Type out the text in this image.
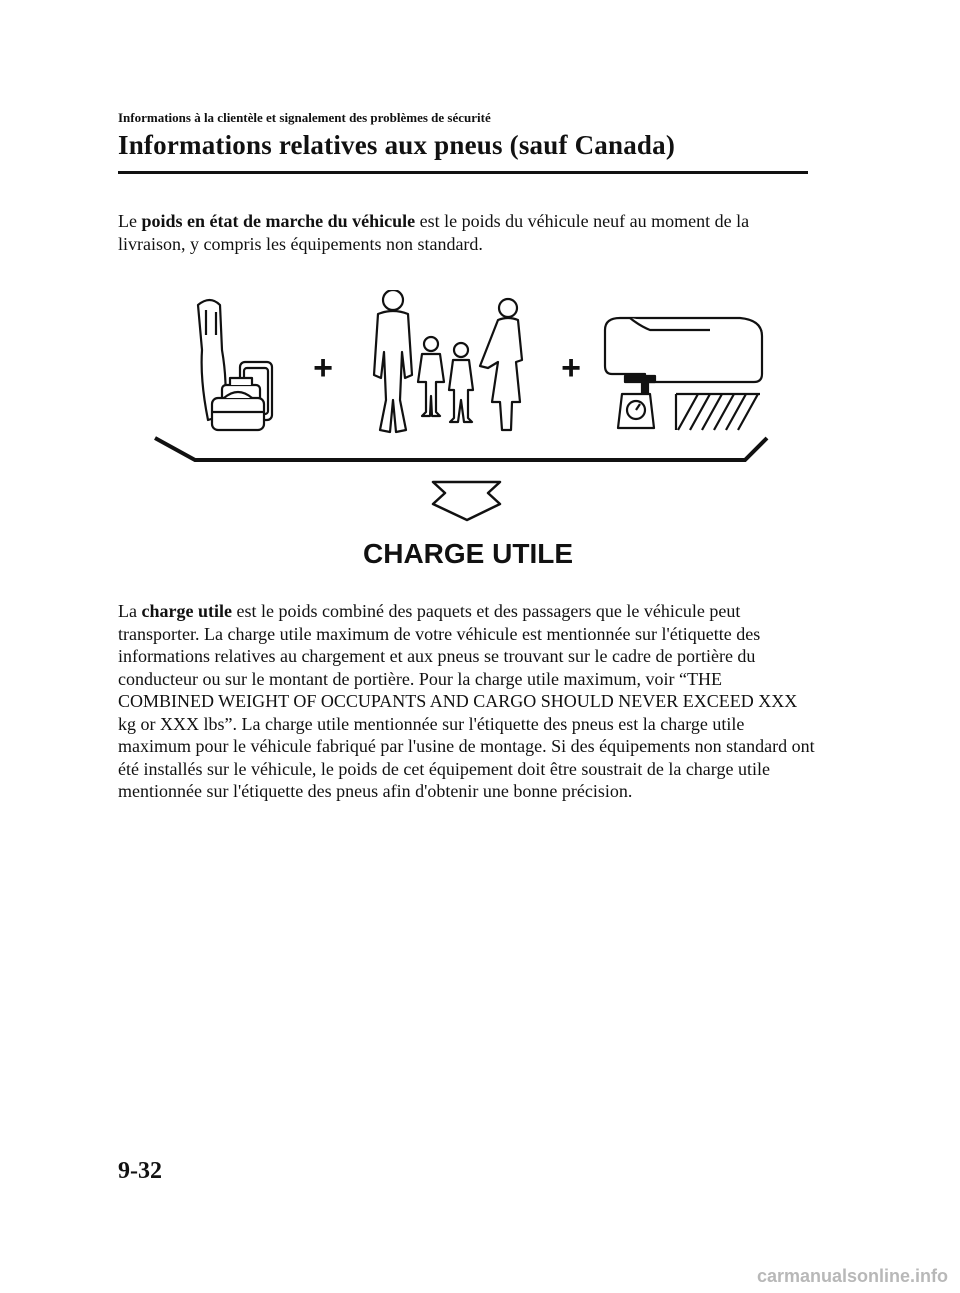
Informations à la clientèle et signalement des problèmes de sécurité
Informations relatives aux pneus (sauf Canada)

Le poids en état de marche du véhicule est le poids du véhicule neuf au moment de la livraison, y compris les équipements non standard.

+	+
CHARGE UTILE

La charge utile est le poids combiné des paquets et des passagers que le véhicule peut transporter. La charge utile maximum de votre véhicule est mentionnée sur l'étiquette des informations relatives au chargement et aux pneus se trouvant sur le cadre de portière du conducteur ou sur le montant de portière. Pour la charge utile maximum, voir “THE COMBINED WEIGHT OF OCCUPANTS AND CARGO SHOULD NEVER EXCEED XXX kg or XXX lbs”. La charge utile mentionnée sur l'étiquette des pneus est la charge utile maximum pour le véhicule fabriqué par l'usine de montage. Si des équipements non standard ont été installés sur le véhicule, le poids de cet équipement doit être soustrait de la charge utile mentionnée sur l'étiquette des pneus afin d'obtenir une bonne précision.

9-32
carmanualsonline.info
